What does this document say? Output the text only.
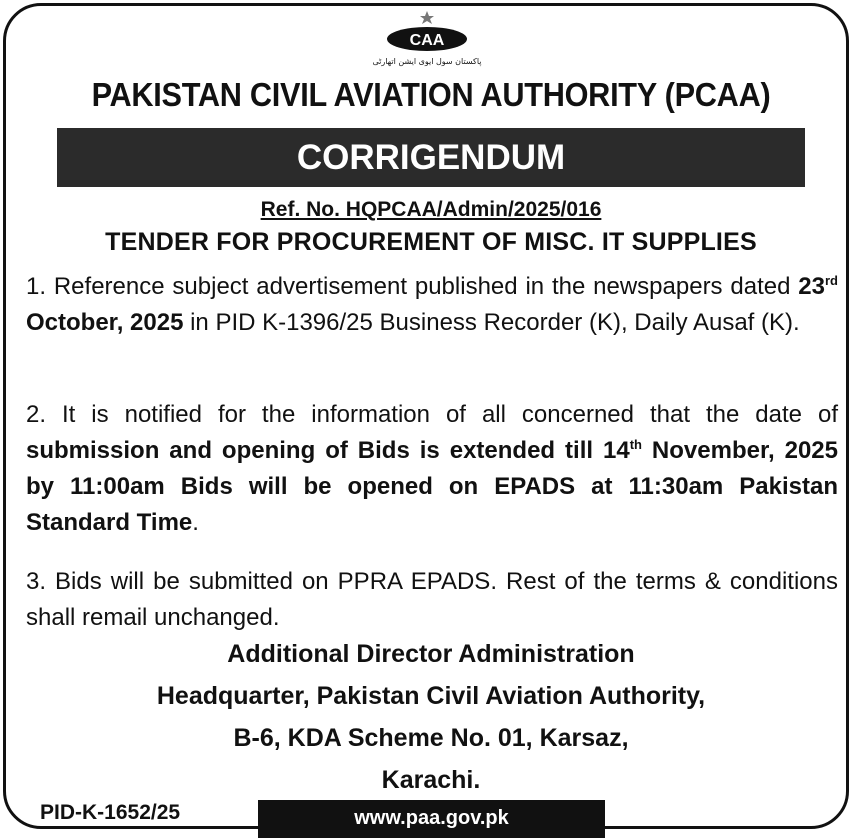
CAA
پاکستان سول ایوی ایشن اتھارٹی
PAKISTAN CIVIL AVIATION AUTHORITY (PCAA)
CORRIGENDUM
Ref. No. HQPCAA/Admin/2025/016
TENDER FOR PROCUREMENT OF MISC. IT SUPPLIES
1. Reference subject advertisement published in the newspapers dated 23rd October, 2025 in PID K-1396/25 Business Recorder (K), Daily Ausaf (K).
2. It is notified for the information of all concerned that the date of submission and opening of Bids is extended till 14th November, 2025 by 11:00am Bids will be opened on EPADS at 11:30am Pakistan Standard Time.
3. Bids will be submitted on PPRA EPADS. Rest of the terms & conditions shall remail unchanged.
Additional Director Administration
Headquarter, Pakistan Civil Aviation Authority,
B-6, KDA Scheme No. 01, Karsaz,
Karachi.
PID-K-1652/25	www.paa.gov.pk
